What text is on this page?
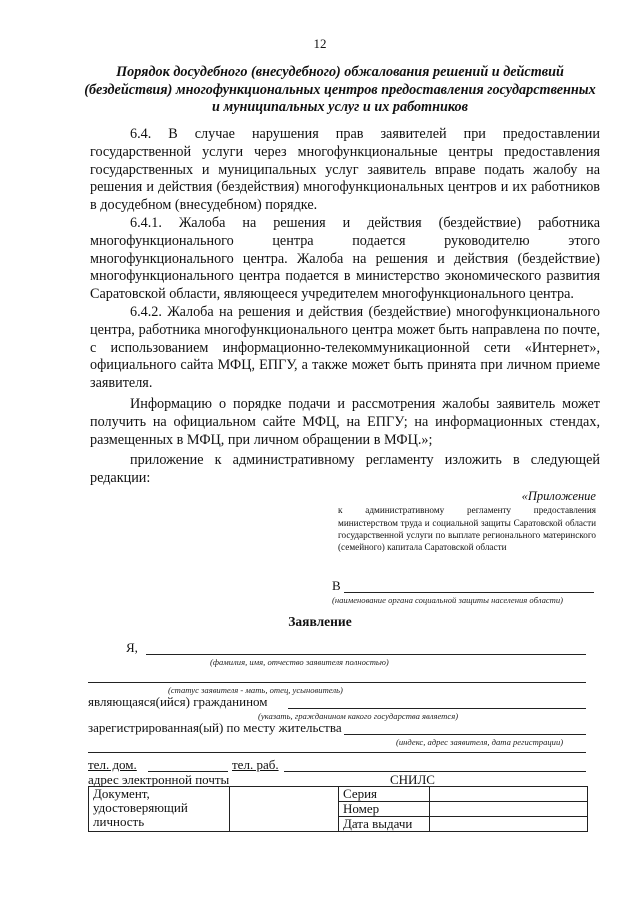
12
Порядок досудебного (внесудебного) обжалования решений и действий (бездействия) многофункциональных центров предоставления государственных и муниципальных услуг и их работников

6.4. В случае нарушения прав заявителей при предоставлении государственной услуги через многофункциональные центры предоставления государственных и муниципальных услуг заявитель вправе подать жалобу на решения и действия (бездействия) многофункциональных центров и их работников в досудебном (внесудебном) порядке.

6.4.1. Жалоба на решения и действия (бездействие) работника многофункционального центра подается руководителю этого многофункционального центра. Жалоба на решения и действия (бездействие) многофункционального центра подается в министерство экономического развития Саратовской области, являющееся учредителем многофункционального центра.

6.4.2. Жалоба на решения и действия (бездействие) многофункционального центра, работника многофункционального центра может быть направлена по почте, с использованием информационно-телекоммуникационной сети «Интернет», официального сайта МФЦ, ЕПГУ, а также может быть принята при личном приеме заявителя.

Информацию о порядке подачи и рассмотрения жалобы заявитель может получить на официальном сайте МФЦ, на ЕПГУ; на информационных стендах, размещенных в МФЦ, при личном обращении в МФЦ.»;

приложение к административному регламенту изложить в следующей редакции:

«Приложение
к административному регламенту предоставления министерством труда и социальной защиты Саратовской области государственной услуги по выплате регионального материнского (семейного) капитала Саратовской области
В
(наименование органа социальной защиты населения области)
Заявление
Я,
(фамилия, имя, отчество заявителя полностью)
(статус заявителя - мать, отец, усыновитель)
являющаяся(ийся) гражданином
(указать, гражданином какого государства является)
зарегистрированная(ый) по месту жительства
(индекс, адрес заявителя, дата регистрации)
тел. дом.	тел. раб.
адрес электронной почты	СНИЛС
Документ,
удостоверяющий
личность		Серия	
		Номер	
		Дата выдачи	
